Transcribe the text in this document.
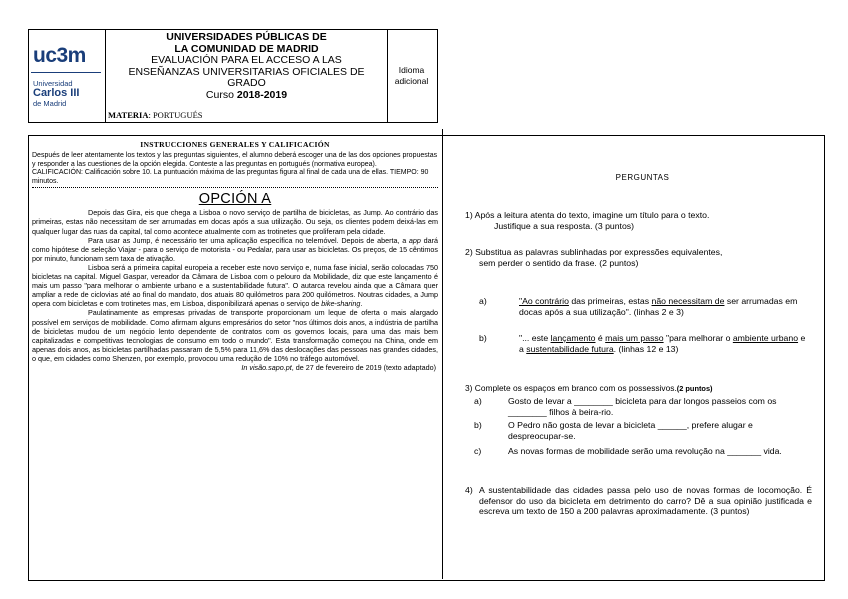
uc3m
Universidad
Carlos III
de Madrid
UNIVERSIDADES PÚBLICAS DE
LA COMUNIDAD DE MADRID
EVALUACIÓN PARA EL ACCESO A LAS
ENSEÑANZAS UNIVERSITARIAS OFICIALES DE
GRADO
Curso 2018-2019
MATERIA: PORTUGUÉS
Idioma
adicional
INSTRUCCIONES GENERALES Y CALIFICACIÓN
Después de leer atentamente los textos y las preguntas siguientes, el alumno deberá escoger una de las dos opciones propuestas y responder a las cuestiones de la opción elegida. Conteste a las preguntas en portugués (normativa europea).
CALIFICACIÓN: Calificación sobre 10. La puntuación máxima de las preguntas figura al final de cada una de ellas. TIEMPO: 90 minutos.
OPCIÓN A

Depois das Gira, eis que chega a Lisboa o novo serviço de partilha de bicicletas, as Jump. Ao contrário das primeiras, estas não necessitam de ser arrumadas em docas após a sua utilização. Ou seja, os clientes podem deixá-las em qualquer lugar das ruas da capital, tal como acontece atualmente com as trotinetes que proliferam pela cidade.

Para usar as Jump, é necessário ter uma aplicação específica no telemóvel. Depois de aberta, a app dará como hipótese de seleção Viajar - para o serviço de motorista - ou Pedalar, para usar as bicicletas. Os preços, de 15 cêntimos por minuto, funcionam sem taxa de ativação.

Lisboa será a primeira capital europeia a receber este novo serviço e, numa fase inicial, serão colocadas 750 bicicletas na capital. Miguel Gaspar, vereador da Câmara de Lisboa com o pelouro da Mobilidade, diz que este lançamento é mais um passo "para melhorar o ambiente urbano e a sustentabilidade futura". O autarca revelou ainda que a Câmara quer ampliar a rede de ciclovias até ao final do mandato, dos atuais 80 quilómetros para 200 quilómetros. Noutras cidades, a Jump opera com bicicletas e com trotinetes mas, em Lisboa, disponibilizará apenas o serviço de bike-sharing.

Paulatinamente as empresas privadas de transporte proporcionam um leque de oferta o mais alargado possível em serviços de mobilidade. Como afirmam alguns empresários do setor "nos últimos dois anos, a indústria de partilha de bicicletas mudou de um negócio lento dependente de contratos com os governos locais, para uma das mais bem capitalizadas e competitivas tecnologias de consumo em todo o mundo". Esta transformação começou na China, onde em apenas dois anos, as bicicletas partilhadas passaram de 5,5% para 11,6% das deslocações das pessoas nas grandes cidades, o que, em cidades como Shenzen, por exemplo, provocou uma redução de 10% no tráfego automóvel.

In visão.sapo.pt, de 27 de fevereiro de 2019 (texto adaptado)
PERGUNTAS
1) Após a leitura atenta do texto, imagine um título para o texto.
Justifique a sua resposta. (3 puntos)
2) Substitua as palavras sublinhadas por expressões equivalentes,
sem perder o sentido da frase. (2 puntos)
a)	"Ao contrário das primeiras, estas não necessitam de ser arrumadas em docas após a sua utilização". (linhas 2 e 3)
b)	"... este lançamento é mais um passo "para melhorar o ambiente urbano e a sustentabilidade futura. (linhas 12 e 13)
3) Complete os espaços em branco com os possessivos.(2 puntos)
a)	Gosto de levar a ________ bicicleta para dar longos passeios com os ________ filhos à beira-rio.
b)	O Pedro não gosta de levar a bicicleta ______, prefere alugar e despreocupar-se.
c)	As novas formas de mobilidade serão uma revolução na _______ vida.
4) A sustentabilidade das cidades passa pelo uso de novas formas de locomoção. É defensor do uso da bicicleta em detrimento do carro? Dê a sua opinião justificada e escreva um texto de 150 a 200 palavras aproximadamente. (3 puntos)
